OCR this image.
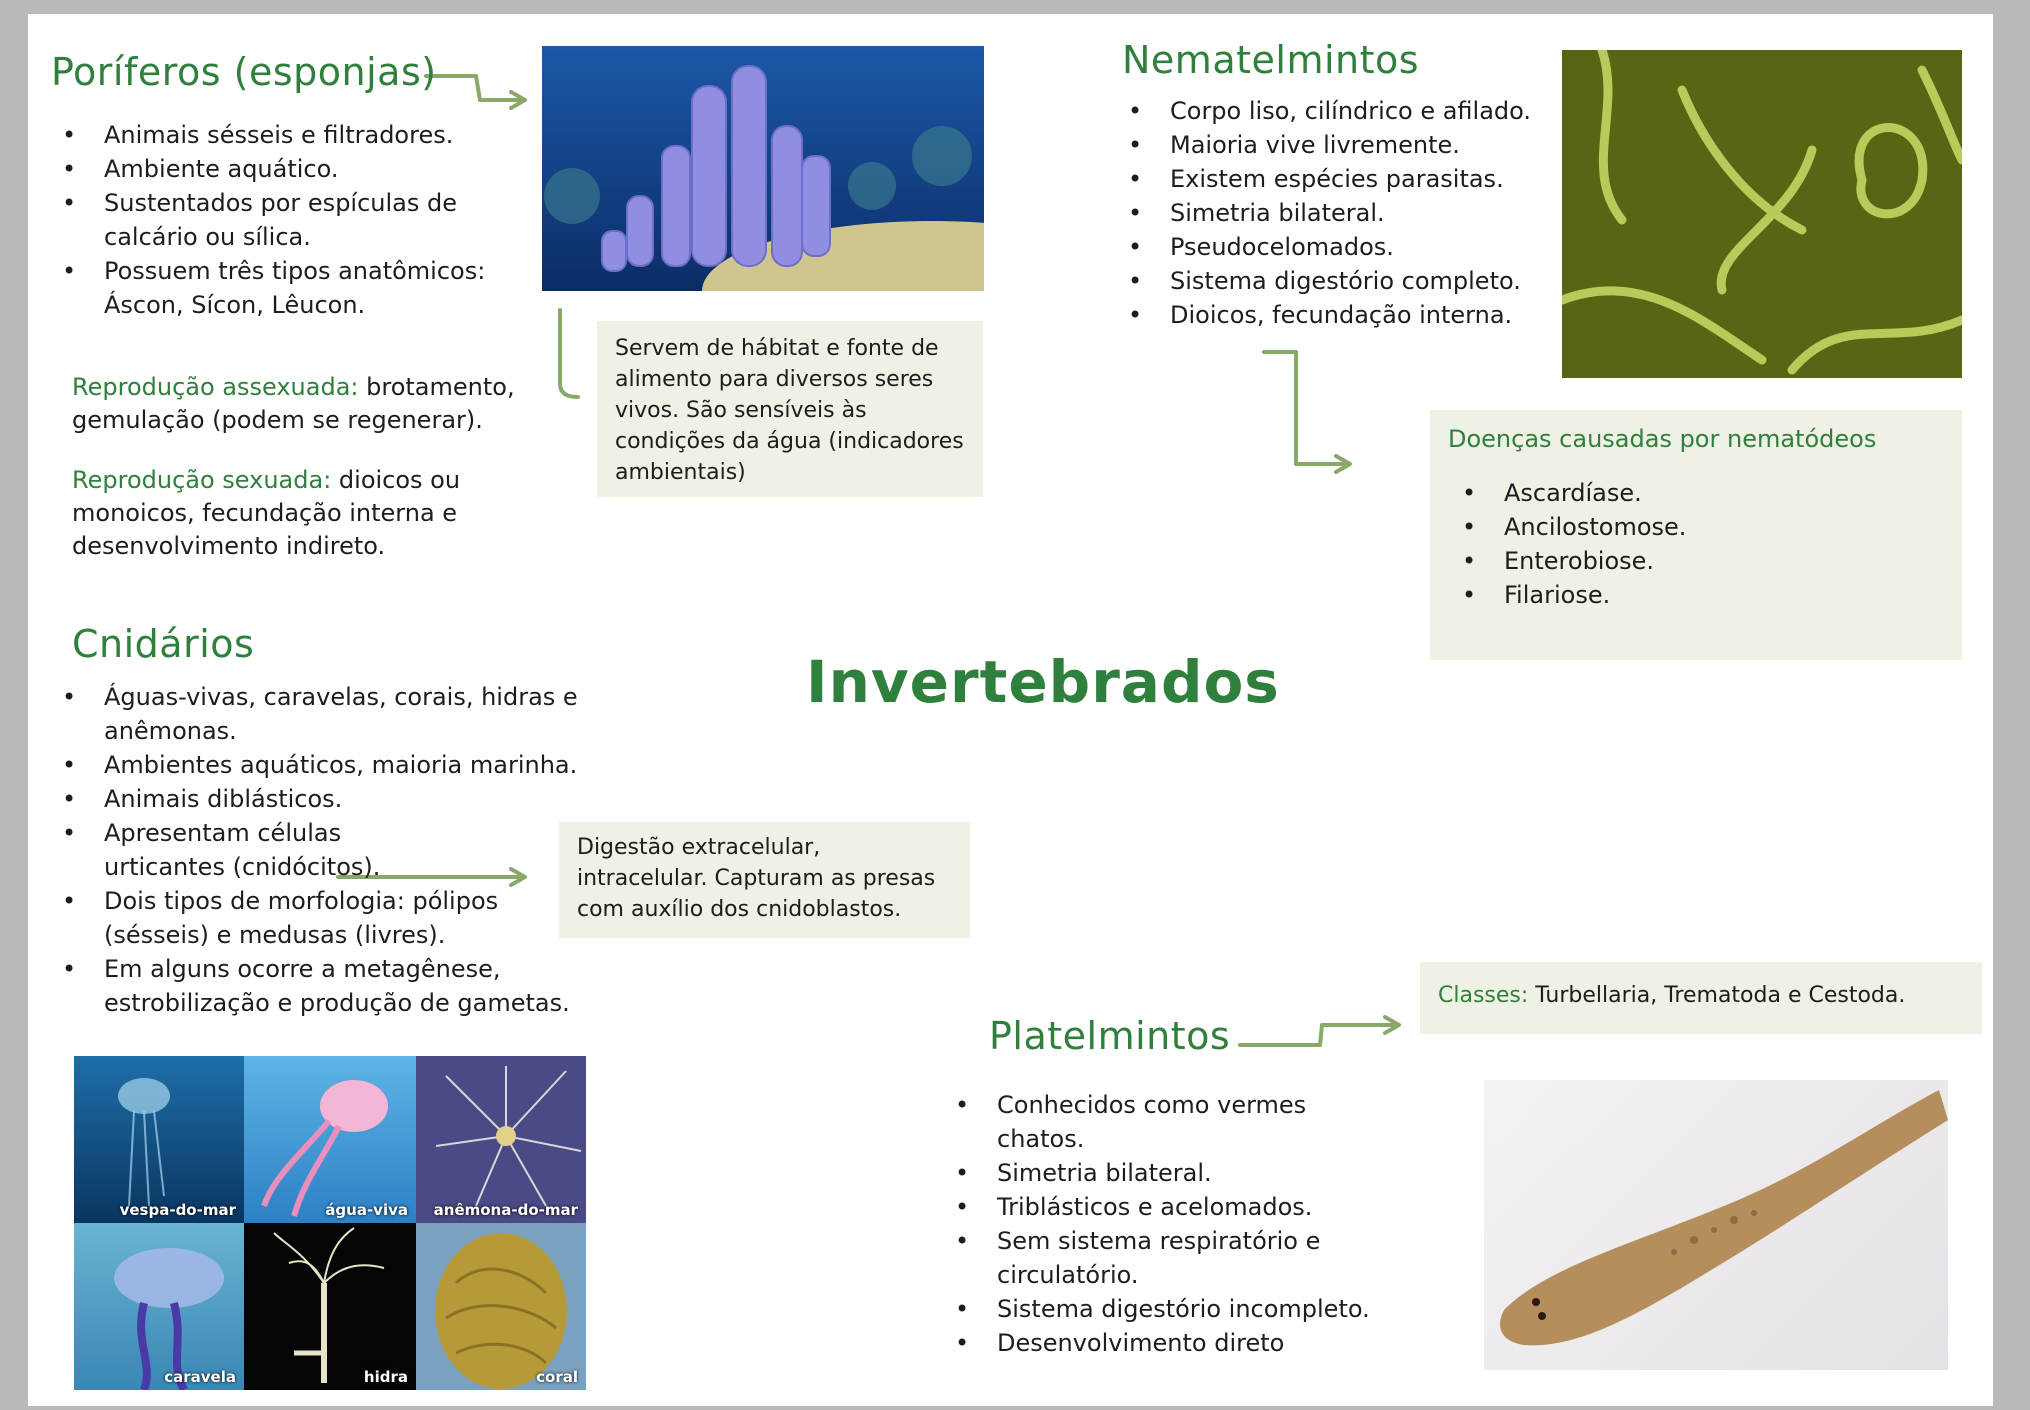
Poríferos (esponjas)
• Animais sésseis e filtradores.
• Ambiente aquático.
• Sustentados por espículas de calcário ou sílica.
• Possuem três tipos anatômicos: Áscon, Sícon, Lêucon.
Reprodução assexuada: brotamento, gemulação (podem se regenerar).
Reprodução sexuada: dioicos ou monoicos, fecundação interna e desenvolvimento indireto.
Servem de hábitat e fonte de alimento para diversos seres vivos. São sensíveis às condições da água (indicadores ambientais)
Nematelmintos
• Corpo liso, cilíndrico e afilado.
• Maioria vive livremente.
• Existem espécies parasitas.
• Simetria bilateral.
• Pseudocelomados.
• Sistema digestório completo.
• Dioicos, fecundação interna.
Doenças causadas por nematódeos
• Ascardíase.
• Ancilostomose.
• Enterobiose.
• Filariose.
Invertebrados
Cnidários
• Águas-vivas, caravelas, corais, hidras e anêmonas.
• Ambientes aquáticos, maioria marinha.
• Animais diblásticos.
• Apresentam células urticantes (cnidócitos).
• Dois tipos de morfologia: pólipos (sésseis) e medusas (livres).
• Em alguns ocorre a metagênese, estrobilização e produção de gametas.
Digestão extracelular, intracelular. Capturam as presas com auxílio dos cnidoblastos.
vespa-do-mar	água-viva anêmona-do-mar
caravela	hidra	coral
Platelmintos
• Conhecidos como vermes chatos.
• Simetria bilateral.
• Triblásticos e acelomados.
• Sem sistema respiratório e circulatório.
• Sistema digestório incompleto.
• Desenvolvimento direto
Classes: Turbellaria, Trematoda e Cestoda.
